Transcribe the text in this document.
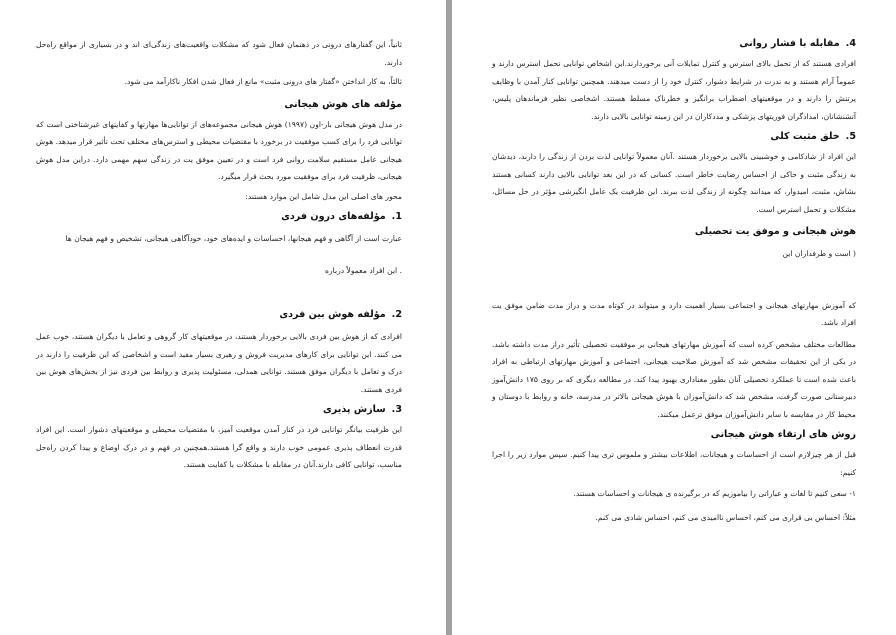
ثانیاً، این گفتارهای درونی در ذهنمان فعال شود که مشکلات واقعیت‌های زندگی‌ای اند و در بسیاری از مواقع راه‌حل دارند.

ثالثاً، به کار انداختن «گفتار های درونی مثبت» مانع از فعال شدن افکار ناکارآمد می شود.

مؤلفه های هوش هیجانی

در مدل هوش هیجانی بار-اون (۱۹۹۷) هوش هیجانی مجموعه‌های از توانایی‌ها مهارتها و کفایتهای غیرشناختی است که توانایی فرد را برای کسب موفقیت در برخورد با مقتضیات محیطی و استرس‌های مختلف تحت تأثیر قرار میدهد. هوش هیجانی عامل مستقیم سلامت روانی فرد است و در تعیین موفق یت در زندگی سهم مهمی دارد. دراین مدل هوش هیجانی، ظرفیت فرد برای موفقیت مورد بحث قرار میگیرد.

محور های اصلی این مدل شامل این موارد هستند:

1.مؤلفه‌های درون فردی

عبارت است از آگاهی و فهم هیجانها، احساسات و ایده‌های خود، خودآگاهی هیجانی، تشخیص و فهم هیجان ها

. این افراد معمولاً درباره

2.مؤلفه هوش بین فردی

افرادی که از هوش بین فردی بالایی برخوردار هستند، در موقعیتهای کار گروهی و تعامل با دیگران هستند، خوب عمل می کنند. این توانایی برای کارهای مدیریت فروش و رهبری بسیار مفید است و اشخاصی که این ظرفیت را دارند در درک و تعامل با دیگران موفق هستند. توانایی همدلی، مسئولیت پذیری و روابط بین فردی نیز از بخش‌های هوش بین فردی هستند.

3.سازش پذیری

این ظرفیت بیانگر توانایی فرد در کنار آمدن موقعیت آمیز، با مقتضیات محیطی و موقعیتهای دشوار است. این افراد قدرت انعطاف پذیری عمومی خوب دارند و واقع گرا هستند.همچنین در فهم و در درک اوضاع و پیدا کردن راه‌حل مناسب، توانایی کافی دارند.آنان در مقابله با مشکلات با کفایت هستند.

4.مقابله با فشار روانی

افرادی هستند که از تحمل بالای استرس و کنترل تمایلات آنی برخوردارند.این اشخاص توانایی تحمل استرس دارند و عموماً آرام هستند و به ندرت در شرایط دشوار، کنترل خود را از دست میدهند. همچنین توانایی کنار آمدن با وظایف پرتنش را دارند و در موقعیتهای اضطراب برانگیز و خطرناک مسلط هستند. اشخاصی نظیر فرماندهان پلیس، آتشنشانان، امدادگران فوریتهای پزشکی و مددکاران در این زمینه توانایی بالایی دارند.

5.خلق مثبت کلی

این افراد از شادکامی و خوشبینی بالایی برخوردار هستند .آنان معمولاً توانایی لذت بردن از زندگی را دارند، دیدشان به زندگی مثبت و حاکی از احساس رضایت خاطر است. کسانی که در این بعد توانایی بالایی دارند کسانی هستند بشاش، مثبت، امیدوار، که میدانند چگونه از زندگی لذت ببرند. این ظرفیت یک عامل انگیزشی مؤثر در حل مسائل، مشکلات و تحمل استرس است.

هوش هیجانی و موفق یت تحصیلی

( است و طرفداران این

که آموزش مهارتهای هیجانی و اجتماعی بسیار اهمیت دارد و میتواند در کوتاه مدت و دراز مدت ضامن موفق یت افراد باشد.

مطالعات مختلف مشخص کرده است که آموزش مهارتهای هیجانی بر موفقیت تحصیلی تأثیر دراز مدت داشته باشد. در یکی از این تحقیقات مشخص شد که آموزش صلاحیت هیجانی، اجتماعی و آموزش مهارتهای ارتباطی به افراد باعث شده است تا عملکرد تحصیلی آنان بطور معناداری بهبود پیدا کند. در مطالعه دیگری که بر روی ۱۷۵ دانش‌آموز دبیرستانی صورت گرفت، مشخص شد که دانش‌آموزان با هوش هیجانی بالاتر در مدرسه، خانه و روابط با دوستان و محیط کار در مقایسه با سایر دانش‌آموزان موفق ترعمل میکنند.

روش های ارتقاء هوش هیجانی

قبل از هر چیزلازم است از احساسات و هیجانات، اطلاعات بیشتر و ملموس تری پیدا کنیم. سپس موارد زیر را اجرا کنیم:

۱- سعی کنیم تا لغات و عباراتی را بیاموزیم که در برگیرنده ی هیجانات و احساسات هستند.

مثلاً: احساس بی قراری می کنم، احساس ناامیدی می کنم، احساس شادی می کنم.
